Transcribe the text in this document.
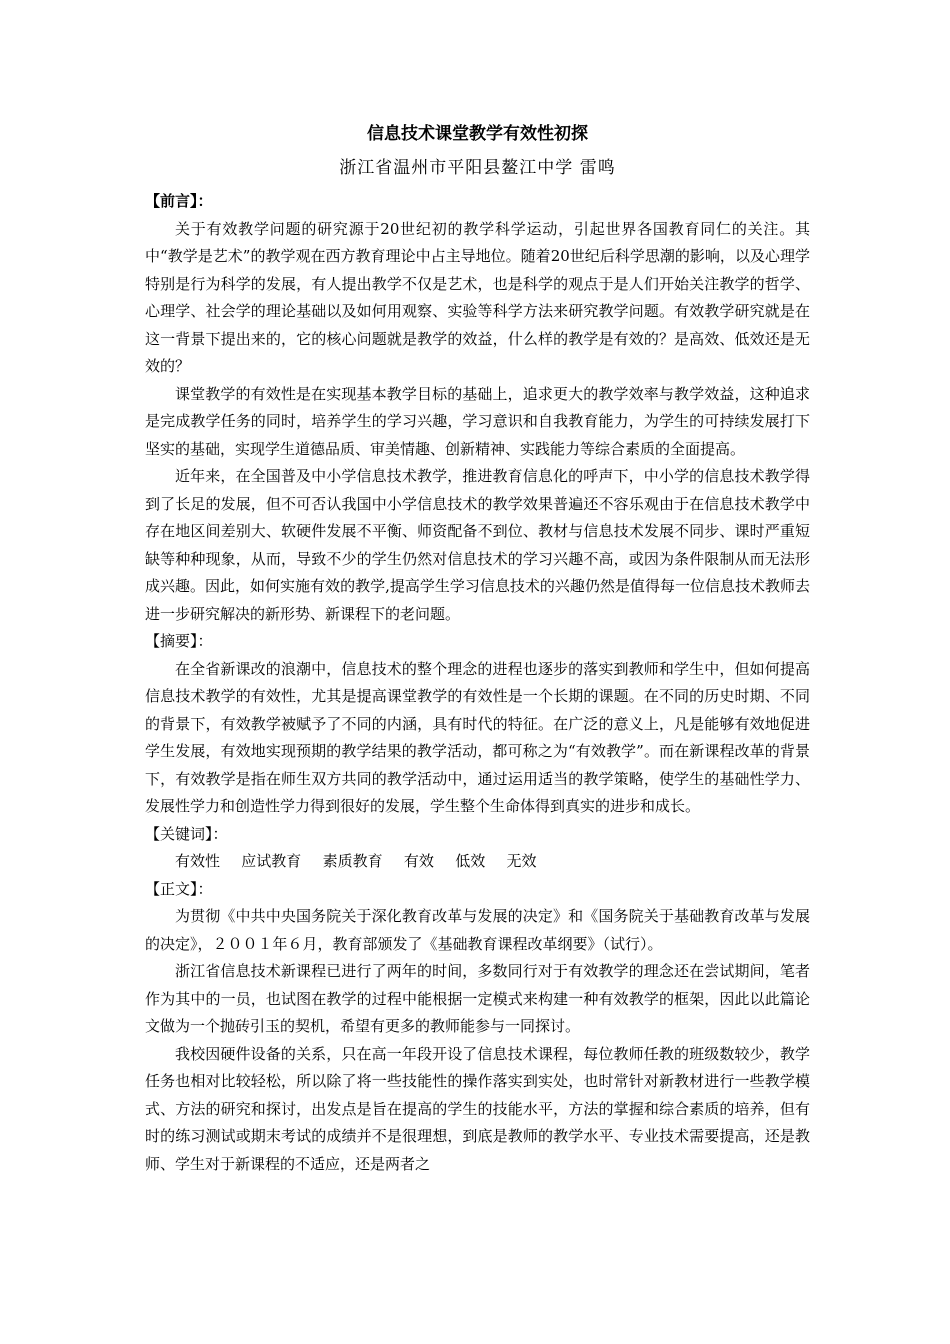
信息技术课堂教学有效性初探
浙江省温州市平阳县鳌江中学 雷鸣
【前言】：

关于有效教学问题的研究源于20世纪初的教学科学运动，引起世界各国教育同仁的关注。其中“教学是艺术”的教学观在西方教育理论中占主导地位。随着20世纪后科学思潮的影响，以及心理学特别是行为科学的发展，有人提出教学不仅是艺术，也是科学的观点于是人们开始关注教学的哲学、心理学、社会学的理论基础以及如何用观察、实验等科学方法来研究教学问题。有效教学研究就是在这一背景下提出来的，它的核心问题就是教学的效益，什么样的教学是有效的？是高效、低效还是无效的？

课堂教学的有效性是在实现基本教学目标的基础上，追求更大的教学效率与教学效益，这种追求是完成教学任务的同时，培养学生的学习兴趣，学习意识和自我教育能力，为学生的可持续发展打下坚实的基础，实现学生道德品质、审美情趣、创新精神、实践能力等综合素质的全面提高。

近年来，在全国普及中小学信息技术教学，推进教育信息化的呼声下，中小学的信息技术教学得到了长足的发展，但不可否认我国中小学信息技术的教学效果普遍还不容乐观由于在信息技术教学中存在地区间差别大、软硬件发展不平衡、师资配备不到位、教材与信息技术发展不同步、课时严重短缺等种种现象，从而，导致不少的学生仍然对信息技术的学习兴趣不高，或因为条件限制从而无法形成兴趣。因此，如何实施有效的教学,提高学生学习信息技术的兴趣仍然是值得每一位信息技术教师去进一步研究解决的新形势、新课程下的老问题。

【摘要】：

在全省新课改的浪潮中，信息技术的整个理念的进程也逐步的落实到教师和学生中，但如何提高信息技术教学的有效性，尤其是提高课堂教学的有效性是一个长期的课题。在不同的历史时期、不同的背景下，有效教学被赋予了不同的内涵，具有时代的特征。在广泛的意义上，凡是能够有效地促进学生发展，有效地实现预期的教学结果的教学活动，都可称之为“有效教学”。而在新课程改革的背景下，有效教学是指在师生双方共同的教学活动中，通过运用适当的教学策略，使学生的基础性学力、发展性学力和创造性学力得到很好的发展，学生整个生命体得到真实的进步和成长。

【关键词】：
有效性 应试教育 素质教育 有效 低效 无效
【正文】：

为贯彻《中共中央国务院关于深化教育改革与发展的决定》和《国务院关于基础教育改革与发展的决定》，２００１年６月，教育部颁发了《基础教育课程改革纲要》（试行）。

浙江省信息技术新课程已进行了两年的时间，多数同行对于有效教学的理念还在尝试期间，笔者作为其中的一员，也试图在教学的过程中能根据一定模式来构建一种有效教学的框架，因此以此篇论文做为一个抛砖引玉的契机，希望有更多的教师能参与一同探讨。

我校因硬件设备的关系，只在高一年段开设了信息技术课程，每位教师任教的班级数较少，教学任务也相对比较轻松，所以除了将一些技能性的操作落实到实处，也时常针对新教材进行一些教学模式、方法的研究和探讨，出发点是旨在提高的学生的技能水平，方法的掌握和综合素质的培养，但有时的练习测试或期末考试的成绩并不是很理想，到底是教师的教学水平、专业技术需要提高，还是教师、学生对于新课程的不适应，还是两者之
